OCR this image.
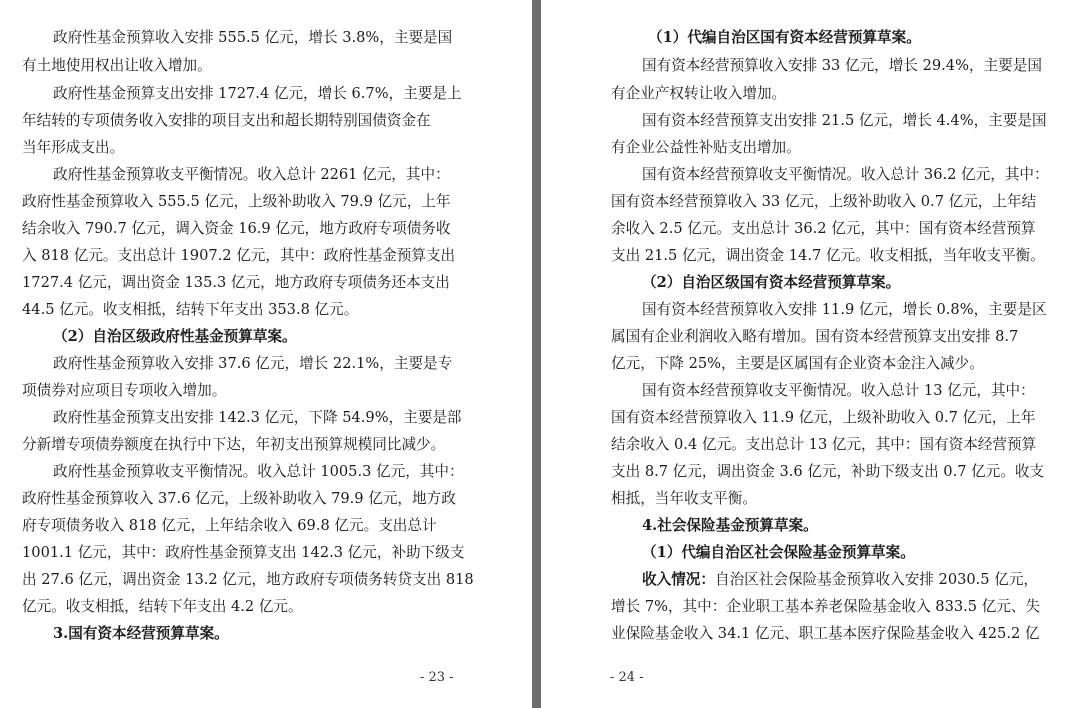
政府性基金预算收入安排 555.5 亿元，增长 3.8%，主要是国

有土地使用权出让收入增加。

政府性基金预算支出安排 1727.4 亿元，增长 6.7%，主要是上

年结转的专项债务收入安排的项目支出和超长期特别国债资金在

当年形成支出。

政府性基金预算收支平衡情况。收入总计 2261 亿元，其中：

政府性基金预算收入 555.5 亿元，上级补助收入 79.9 亿元，上年

结余收入 790.7 亿元，调入资金 16.9 亿元，地方政府专项债务收

入 818 亿元。支出总计 1907.2 亿元，其中：政府性基金预算支出

1727.4 亿元，调出资金 135.3 亿元，地方政府专项债务还本支出

44.5 亿元。收支相抵，结转下年支出 353.8 亿元。

（2）自治区级政府性基金预算草案。

政府性基金预算收入安排 37.6 亿元，增长 22.1%，主要是专

项债券对应项目专项收入增加。

政府性基金预算支出安排 142.3 亿元，下降 54.9%，主要是部

分新增专项债券额度在执行中下达，年初支出预算规模同比减少。

政府性基金预算收支平衡情况。收入总计 1005.3 亿元，其中：

政府性基金预算收入 37.6 亿元，上级补助收入 79.9 亿元，地方政

府专项债务收入 818 亿元，上年结余收入 69.8 亿元。支出总计

1001.1 亿元，其中：政府性基金预算支出 142.3 亿元，补助下级支

出 27.6 亿元，调出资金 13.2 亿元，地方政府专项债务转贷支出 818

亿元。收支相抵，结转下年支出 4.2 亿元。

3.国有资本经营预算草案。

- 23 -

（1）代编自治区国有资本经营预算草案。

国有资本经营预算收入安排 33 亿元，增长 29.4%，主要是国

有企业产权转让收入增加。

国有资本经营预算支出安排 21.5 亿元，增长 4.4%，主要是国

有企业公益性补贴支出增加。

国有资本经营预算收支平衡情况。收入总计 36.2 亿元，其中：

国有资本经营预算收入 33 亿元，上级补助收入 0.7 亿元，上年结

余收入 2.5 亿元。支出总计 36.2 亿元，其中：国有资本经营预算

支出 21.5 亿元，调出资金 14.7 亿元。收支相抵，当年收支平衡。

（2）自治区级国有资本经营预算草案。

国有资本经营预算收入安排 11.9 亿元，增长 0.8%，主要是区

属国有企业利润收入略有增加。国有资本经营预算支出安排 8.7

亿元，下降 25%，主要是区属国有企业资本金注入减少。

国有资本经营预算收支平衡情况。收入总计 13 亿元，其中：

国有资本经营预算收入 11.9 亿元，上级补助收入 0.7 亿元，上年

结余收入 0.4 亿元。支出总计 13 亿元，其中：国有资本经营预算

支出 8.7 亿元，调出资金 3.6 亿元，补助下级支出 0.7 亿元。收支

相抵，当年收支平衡。

4.社会保险基金预算草案。

（1）代编自治区社会保险基金预算草案。

收入情况：自治区社会保险基金预算收入安排 2030.5 亿元，

增长 7%，其中：企业职工基本养老保险基金收入 833.5 亿元、失

业保险基金收入 34.1 亿元、职工基本医疗保险基金收入 425.2 亿

- 24 -
